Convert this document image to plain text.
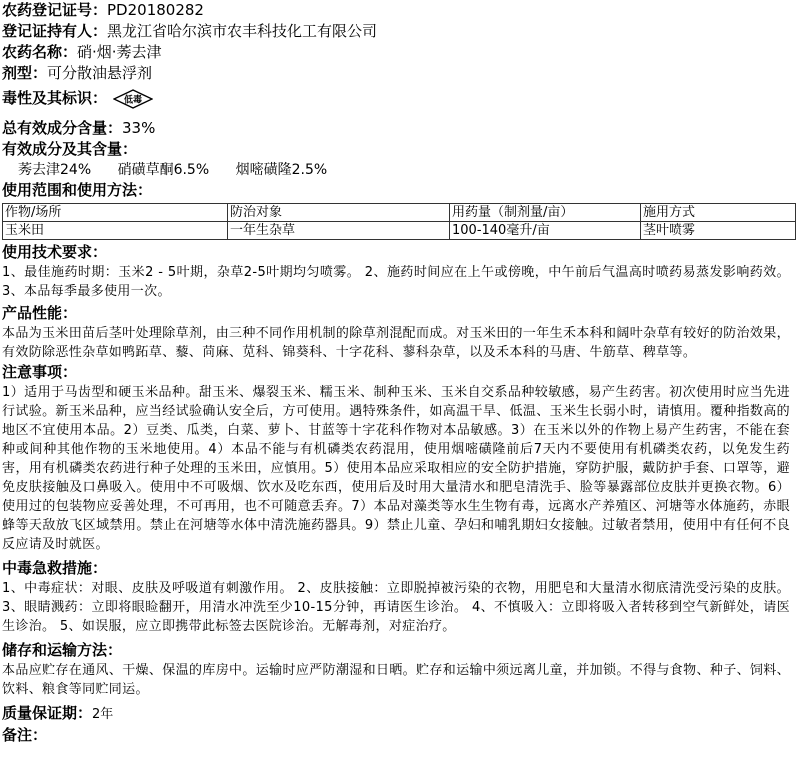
农药登记证号：PD20180282
登记证持有人：黑龙江省哈尔滨市农丰科技化工有限公司
农药名称：硝·烟·莠去津
剂型：可分散油悬浮剂
毒性及其标识： 低毒
总有效成分含量：33%
有效成分及其含量：
莠去津24% 硝磺草酮6.5% 烟嘧磺隆2.5%
使用范围和使用方法：
作物/场所	防治对象	用药量（制剂量/亩）	施用方式
玉米田	一年生杂草	100-140毫升/亩	茎叶喷雾
使用技术要求：
1、最佳施药时期：玉米2 - 5叶期，杂草2-5叶期均匀喷雾。 2、施药时间应在上午或傍晚，中午前后气温高时喷药易蒸发影响药效。 3、本品每季最多使用一次。
产品性能：
本品为玉米田苗后茎叶处理除草剂，由三种不同作用机制的除草剂混配而成。对玉米田的一年生禾本科和阔叶杂草有较好的防治效果，有效防除恶性杂草如鸭跖草、藜、苘麻、苋科、锦葵科、十字花科、蓼科杂草，以及禾本科的马唐、牛筋草、稗草等。
注意事项：
1）适用于马齿型和硬玉米品种。甜玉米、爆裂玉米、糯玉米、制种玉米、玉米自交系品种较敏感，易产生药害。初次使用时应当先进行试验。新玉米品种，应当经试验确认安全后，方可使用。遇特殊条件，如高温干旱、低温、玉米生长弱小时，请慎用。覆种指数高的地区不宜使用本品。2）豆类、瓜类，白菜、萝卜、甘蓝等十字花科作物对本品敏感。3）在玉米以外的作物上易产生药害，不能在套种或间种其他作物的玉米地使用。4）本品不能与有机磷类农药混用，使用烟嘧磺隆前后7天内不要使用有机磷类农药，以免发生药害，用有机磷类农药进行种子处理的玉米田，应慎用。5）使用本品应采取相应的安全防护措施，穿防护服，戴防护手套、口罩等，避免皮肤接触及口鼻吸入。使用中不可吸烟、饮水及吃东西，使用后及时用大量清水和肥皂清洗手、脸等暴露部位皮肤并更换衣物。6）使用过的包装物应妥善处理，不可再用，也不可随意丢弃。7）本品对藻类等水生生物有毒，远离水产养殖区、河塘等水体施药，赤眼蜂等天敌放飞区域禁用。禁止在河塘等水体中清洗施药器具。9）禁止儿童、孕妇和哺乳期妇女接触。过敏者禁用，使用中有任何不良反应请及时就医。
中毒急救措施：
1、中毒症状：对眼、皮肤及呼吸道有刺激作用。 2、皮肤接触：立即脱掉被污染的衣物，用肥皂和大量清水彻底清洗受污染的皮肤。3、眼睛溅药：立即将眼睑翻开，用清水冲洗至少10-15分钟，再请医生诊治。 4、不慎吸入：立即将吸入者转移到空气新鲜处，请医生诊治。 5、如误服，应立即携带此标签去医院诊治。无解毒剂，对症治疗。
储存和运输方法：
本品应贮存在通风、干燥、保温的库房中。运输时应严防潮湿和日晒。贮存和运输中须远离儿童，并加锁。不得与食物、种子、饲料、饮料、粮食等同贮同运。
质量保证期：2年
备注：
